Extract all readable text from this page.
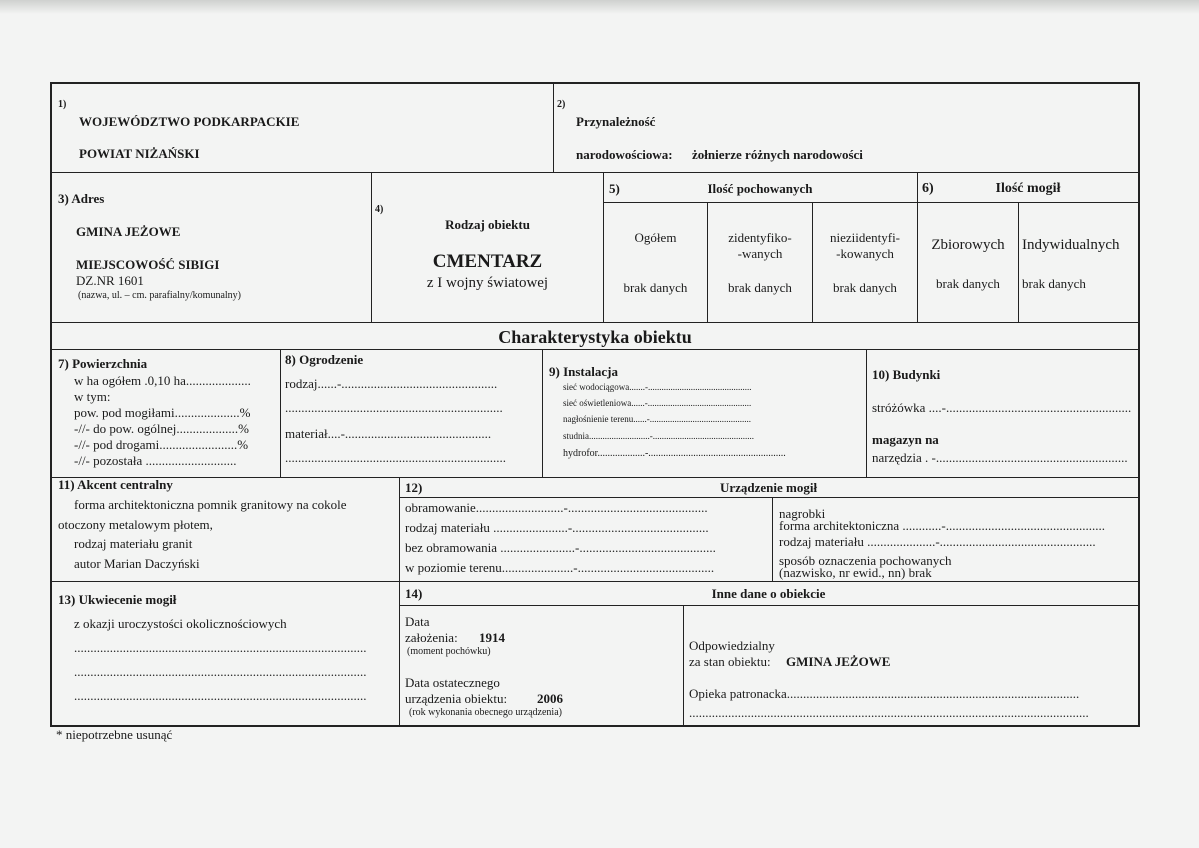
1)
WOJEWÓDZTWO PODKARPACKIE
POWIAT NIŻAŃSKI
2)
Przynależność
narodowościowa: żołnierze różnych narodowości
3) Adres
GMINA JEŻOWE
MIEJSCOWOŚĆ SIBIGI
DZ.NR 1601
(nazwa, ul. – cm. parafialny/komunalny)
4)
Rodzaj obiektu
CMENTARZ
z I wojny światowej
5)	Ilość pochowanych
Ogółem
brak danych
zidentyfiko-
-wanych
brak danych
nieziidentyfi-
-kowanych
brak danych
6)	Ilość mogił
Zbiorowych
brak danych
Indywidualnych
brak danych
Charakterystyka obiektu
7) Powierzchnia
w ha ogółem .0,10 ha....................
w tym:
pow. pod mogiłami....................%
-//- do pow. ogólnej...................%
-//- pod drogami........................%
-//- pozostała ............................
8) Ogrodzenie
rodzaj......-................................................
...................................................................
materiał....-.............................................
....................................................................
9) Instalacja
sieć wodociągowa.......-..............................................
sieć oświetleniowa......-..............................................
nagłośnienie terenu......-.............................................
studnia...........................-.............................................
hydrofor...................-.......................................................
10) Budynki
stróżówka ....-.........................................................
magazyn na
narzędzia . -...........................................................
11) Akcent centralny
forma architektoniczna pomnik granitowy na cokole
otoczony metalowym płotem,
rodzaj materiału granit
autor Marian Daczyński
12)	Urządzenie mogił
obramowanie...........................-...........................................
rodzaj materiału .......................-..........................................
bez obramowania .......................-..........................................
w poziomie terenu......................-..........................................
nagrobki
forma architektoniczna ............-.................................................
rodzaj materiału .....................-................................................
sposób oznaczenia pochowanych
(nazwisko, nr ewid., nn) brak
13) Ukwiecenie mogił
z okazji uroczystości okolicznościowych
..........................................................................................
..........................................................................................
..........................................................................................
14)	Inne dane o obiekcie
Data
założenia: 1914
(moment pochówku)
Data ostatecznego
urządzenia obiektu: 2006
(rok wykonania obecnego urządzenia)
Odpowiedzialny
za stan obiektu: GMINA JEŻOWE
Opieka patronacka..........................................................................................
...........................................................................................................................
* niepotrzebne usunąć
